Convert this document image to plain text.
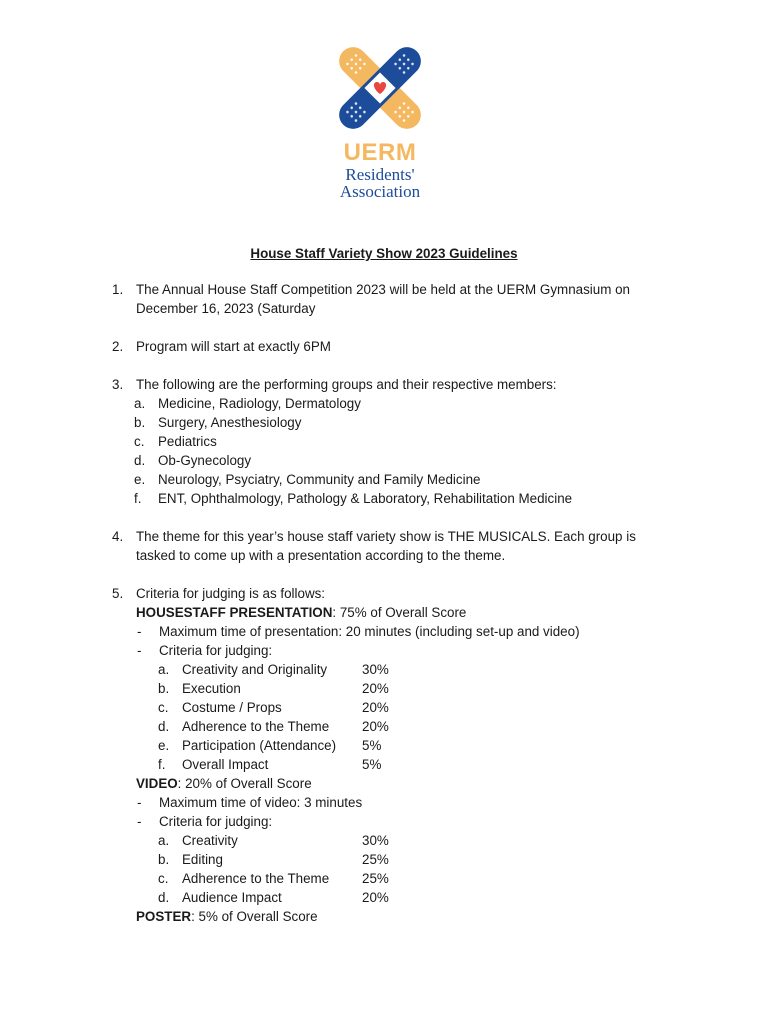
UERM
Residents'
Association
House Staff Variety Show 2023 Guidelines
1. The Annual House Staff Competition 2023 will be held at the UERM Gymnasium on
December 16, 2023 (Saturday
2. Program will start at exactly 6PM
3. The following are the performing groups and their respective members:
a. Medicine, Radiology, Dermatology
b. Surgery, Anesthesiology
c. Pediatrics
d. Ob-Gynecology
e. Neurology, Psyciatry, Community and Family Medicine
f. ENT, Ophthalmology, Pathology & Laboratory, Rehabilitation Medicine
4. The theme for this year’s house staff variety show is THE MUSICALS. Each group is
tasked to come up with a presentation according to the theme.
5. Criteria for judging is as follows:
HOUSESTAFF PRESENTATION: 75% of Overall Score
- Maximum time of presentation: 20 minutes (including set-up and video)
- Criteria for judging:
a. Creativity and Originality	30%
b. Execution	20%
c. Costume / Props	20%
d. Adherence to the Theme 20%
e. Participation (Attendance) 5%
f. Overall Impact	5%
VIDEO: 20% of Overall Score
- Maximum time of video: 3 minutes
- Criteria for judging:
a. Creativity	30%
b. Editing	25%
c. Adherence to the Theme 25%
d. Audience Impact	20%
POSTER: 5% of Overall Score
